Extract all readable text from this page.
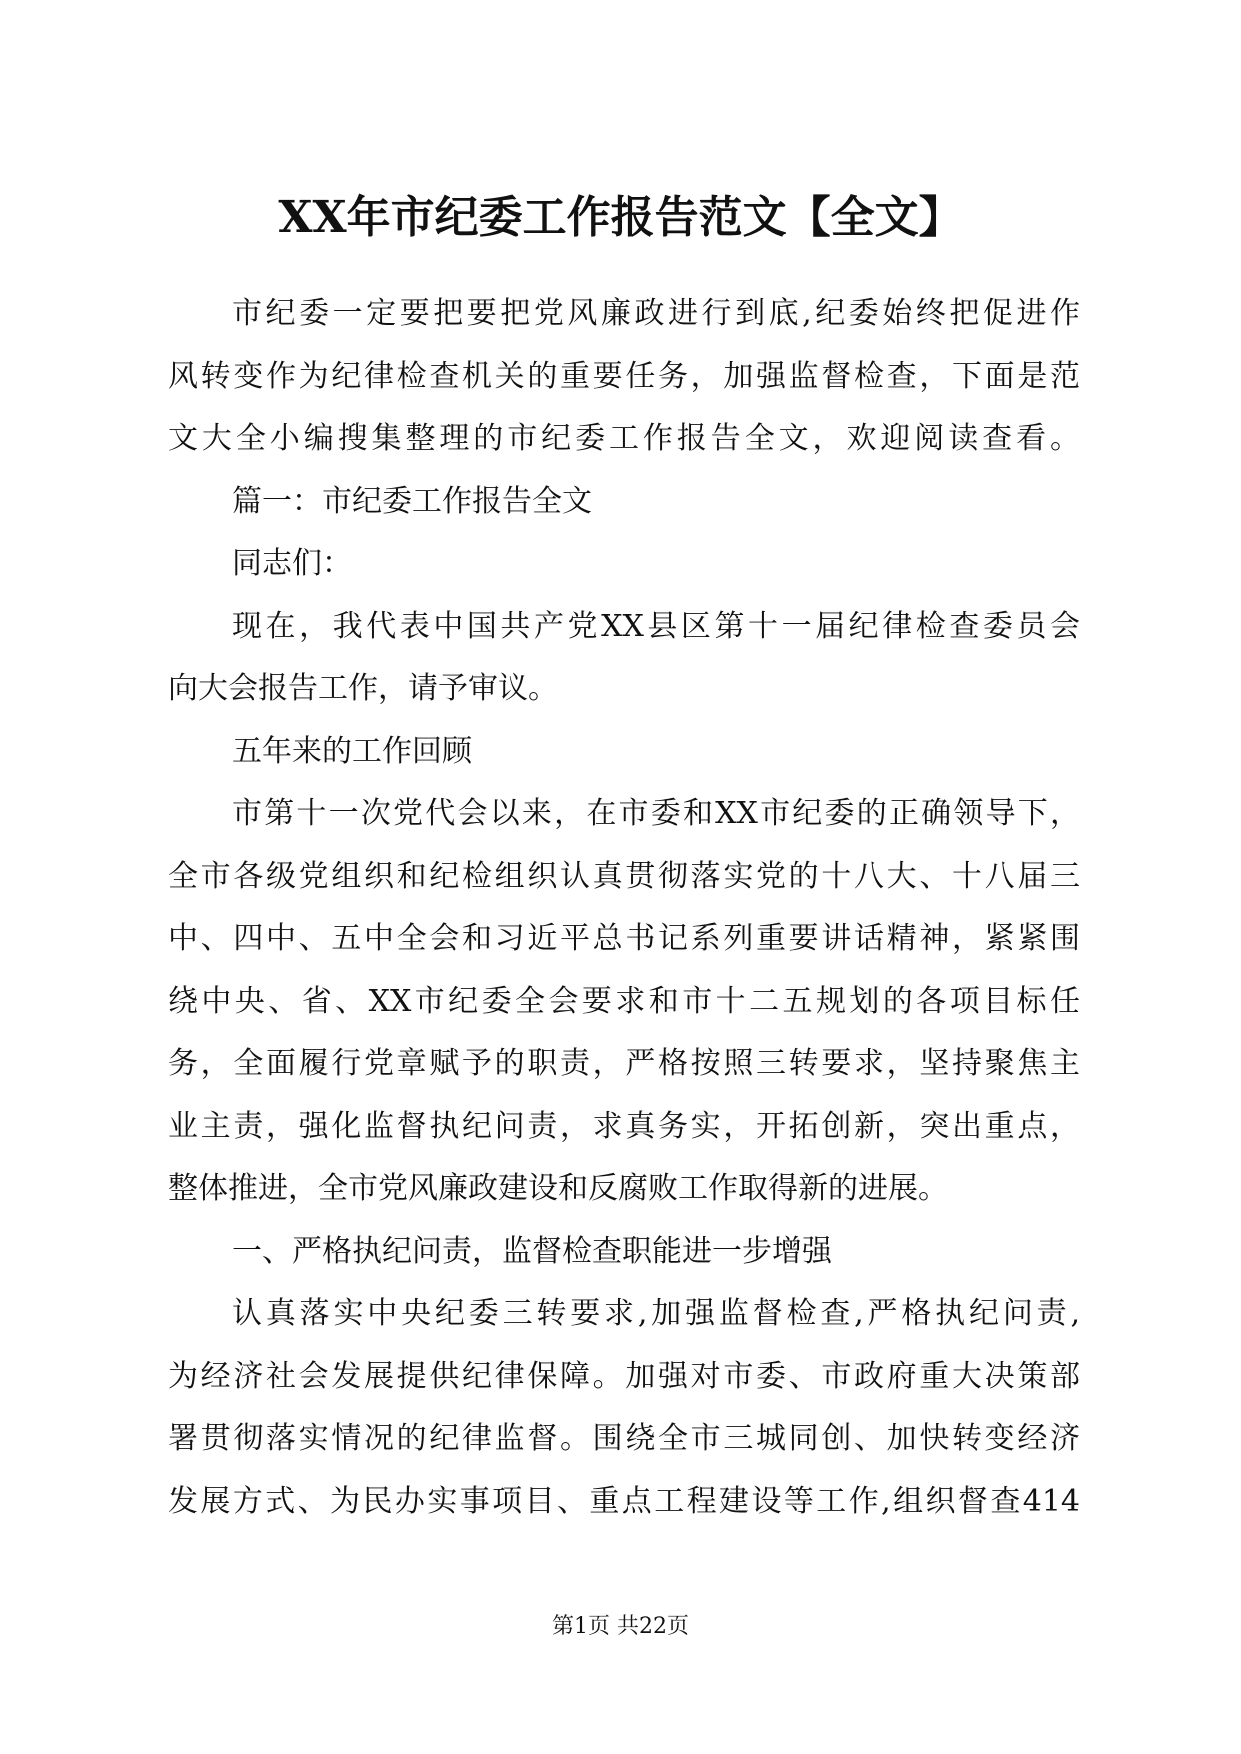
XX年市纪委工作报告范文【全文】
市纪委一定要把要把党风廉政进行到底,纪委始终把促进作
风转变作为纪律检查机关的重要任务，加强监督检查，下面是范
文大全小编搜集整理的市纪委工作报告全文，欢迎阅读查看。
篇一：市纪委工作报告全文
同志们：
现在，我代表中国共产党XX县区第十一届纪律检查委员会
向大会报告工作，请予审议。
五年来的工作回顾
市第十一次党代会以来，在市委和XX市纪委的正确领导下，
全市各级党组织和纪检组织认真贯彻落实党的十八大、十八届三
中、四中、五中全会和习近平总书记系列重要讲话精神，紧紧围
绕中央、省、XX市纪委全会要求和市十二五规划的各项目标任
务，全面履行党章赋予的职责，严格按照三转要求，坚持聚焦主
业主责，强化监督执纪问责，求真务实，开拓创新，突出重点，
整体推进，全市党风廉政建设和反腐败工作取得新的进展。
一、严格执纪问责，监督检查职能进一步增强
认真落实中央纪委三转要求,加强监督检查,严格执纪问责,
为经济社会发展提供纪律保障。加强对市委、市政府重大决策部
署贯彻落实情况的纪律监督。围绕全市三城同创、加快转变经济
发展方式、为民办实事项目、重点工程建设等工作,组织督查414
第1页 共22页
